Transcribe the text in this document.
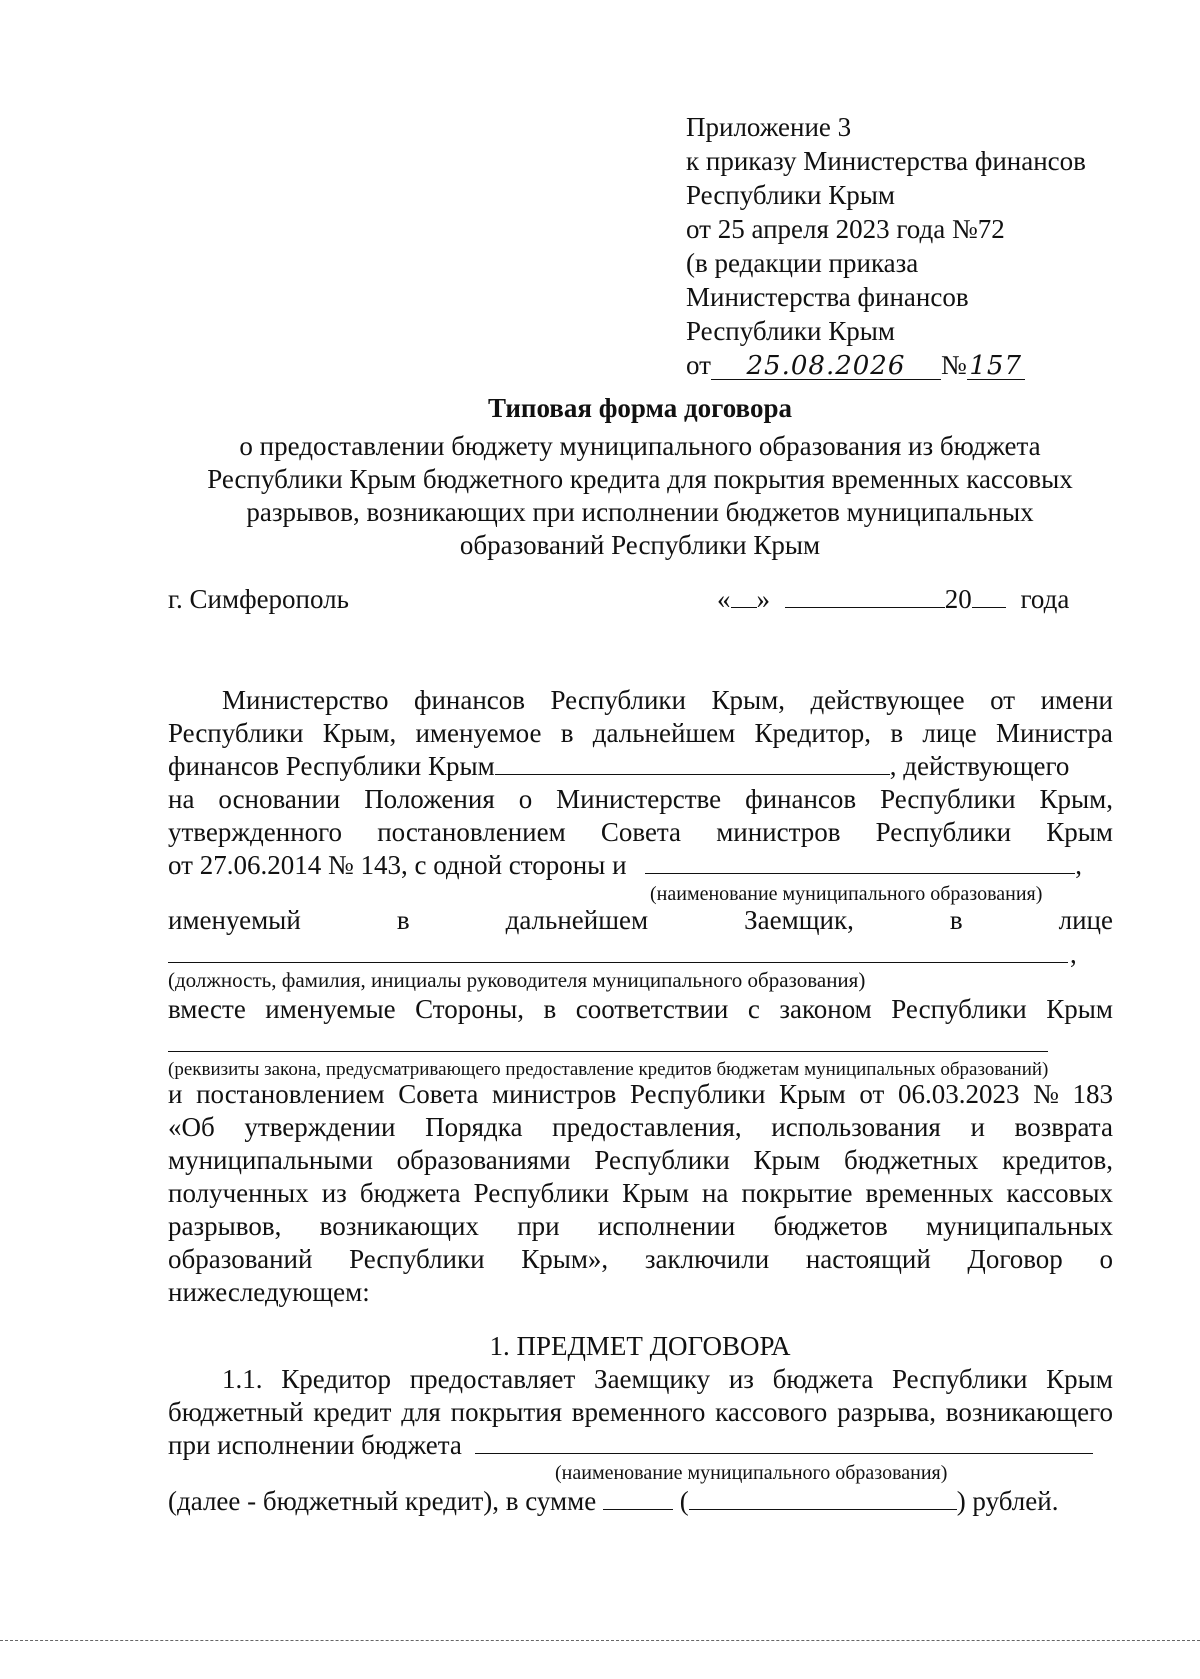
Приложение 3
к приказу Министерства финансов
Республики Крым
от 25 апреля 2023 года №72
(в редакции приказа
Министерства финансов
Республики Крым
от 25.08.2026 № 157
Типовая форма договора
о предоставлении бюджету муниципального образования из бюджета
Республики Крым бюджетного кредита для покрытия временных кассовых
разрывов, возникающих при исполнении бюджетов муниципальных
образований Республики Крым
г. Симферополь	« »	20 года
Министерство финансов Республики Крым, действующее от имени
Республики Крым, именуемое в дальнейшем Кредитор, в лице Министра
финансов Республики Крым	, действующего
на основании Положения о Министерстве финансов Республики Крым,
утвержденного постановлением Совета министров Республики Крым
от 27.06.2014 № 143, с одной стороны и	,
(наименование муниципального образования)
именуемый	в	дальнейшем	Заемщик,	в	лице
,
(должность, фамилия, инициалы руководителя муниципального образования)
вместе именуемые Стороны, в соответствии с законом Республики Крым
(реквизиты закона, предусматривающего предоставление кредитов бюджетам муниципальных образований)
и постановлением Совета министров Республики Крым от 06.03.2023 № 183
«Об утверждении Порядка предоставления, использования и возврата
муниципальными образованиями Республики Крым бюджетных кредитов,
полученных из бюджета Республики Крым на покрытие временных кассовых
разрывов, возникающих при исполнении бюджетов муниципальных
образований Республики Крым», заключили настоящий Договор о
нижеследующем:
1. ПРЕДМЕТ ДОГОВОРА
1.1. Кредитор предоставляет Заемщику из бюджета Республики Крым
бюджетный кредит для покрытия временного кассового разрыва, возникающего
при исполнении бюджета
(наименование муниципального образования)
(далее - бюджетный кредит), в сумме	(	) рублей.
